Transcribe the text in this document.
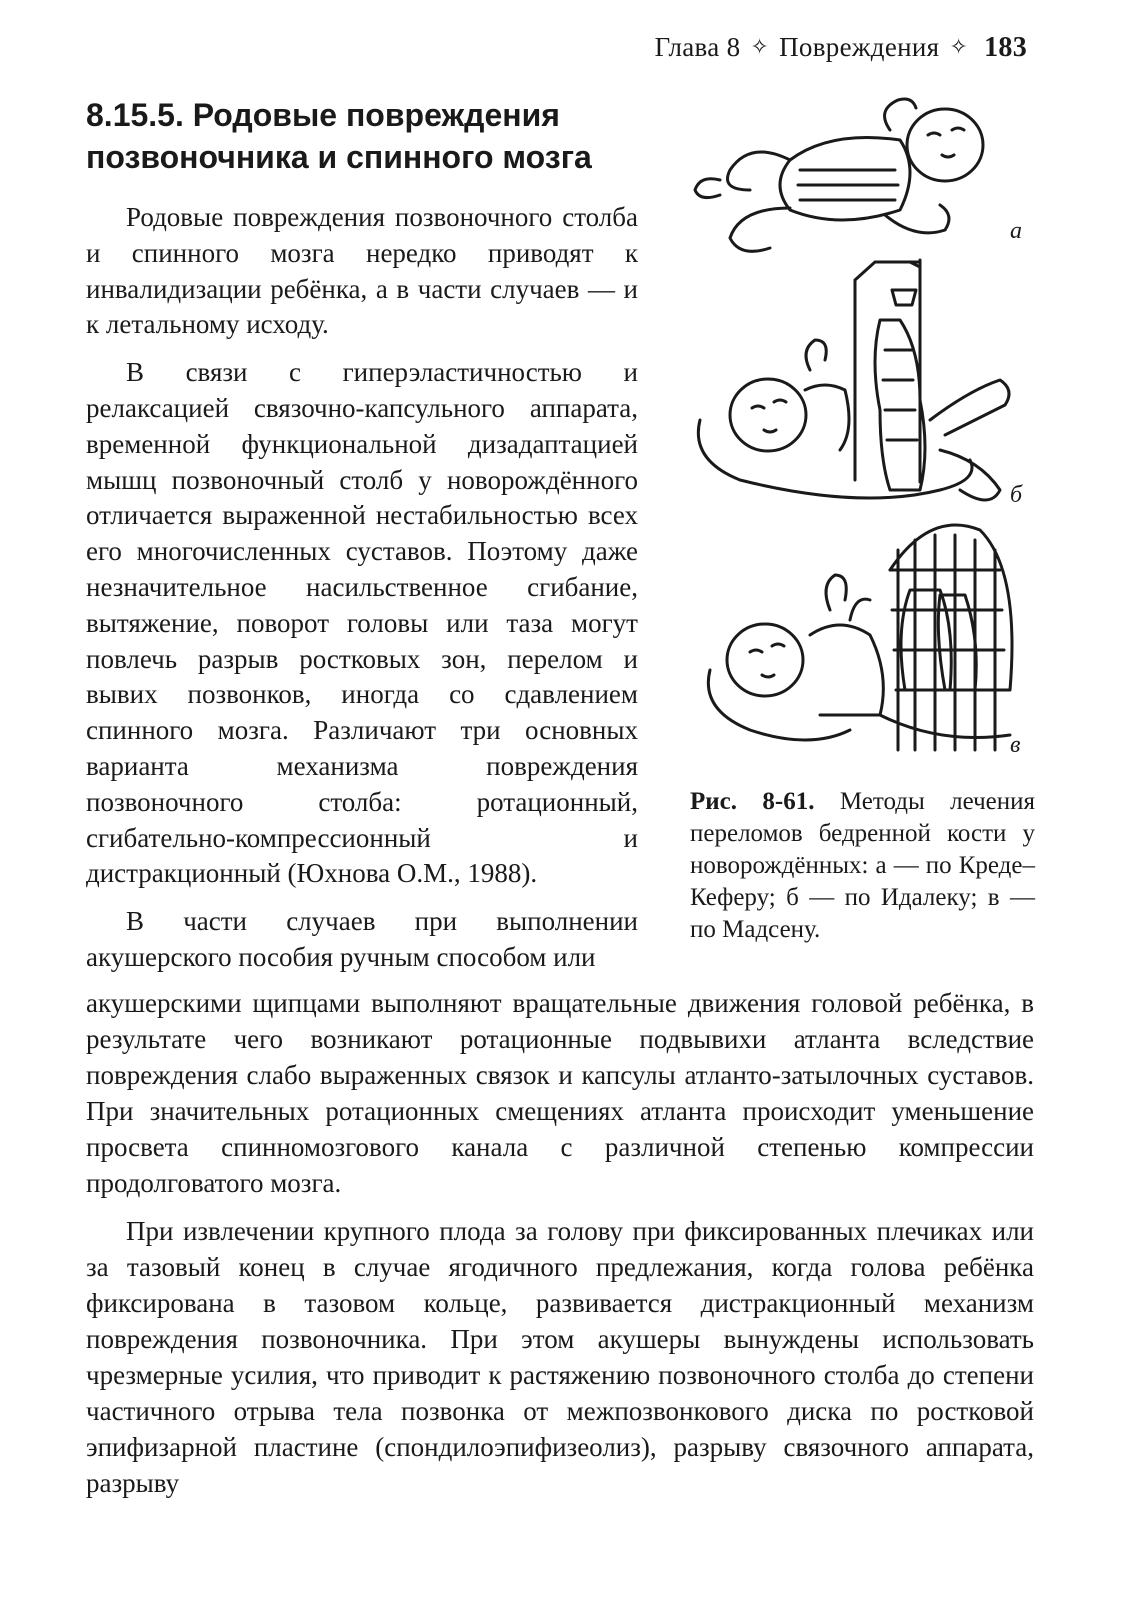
Глава 8 ✧ Повреждения ✧ 183
8.15.5. Родовые повреждения позвоночника и спинного мозга

Родовые повреждения позвоночного столба и спинного мозга нередко приводят к инвалидизации ребёнка, а в части случаев — и к летальному исходу.

В связи с гиперэластичностью и релаксацией связочно-капсульного аппарата, временной функциональной дизадаптацией мышц позвоночный столб у новорождённого отличается выраженной нестабильностью всех его многочисленных суставов. Поэтому даже незначительное насильственное сгибание, вытяжение, поворот головы или таза могут повлечь разрыв ростковых зон, перелом и вывих позвонков, иногда со сдавлением спинного мозга. Различают три основных варианта механизма повреждения позвоночного столба: ротационный, сгибательно-компрессионный и дистракционный (Юхнова О.М., 1988).

В части случаев при выполнении акушерского пособия ручным способом или

а
б
в
Рис. 8-61. Методы лечения переломов бедренной кости у новорождённых: а — по Креде–Кеферу; б — по Идалеку; в — по Мадсену.

акушерскими щипцами выполняют вращательные движения головой ребёнка, в результате чего возникают ротационные подвывихи атланта вследствие повреждения слабо выраженных связок и капсулы атланто-затылочных суставов. При значительных ротационных смещениях атланта происходит уменьшение просвета спинномозгового канала с различной степенью компрессии продолговатого мозга.

При извлечении крупного плода за голову при фиксированных плечиках или за тазовый конец в случае ягодичного предлежания, когда голова ребёнка фиксирована в тазовом кольце, развивается дистракционный механизм повреждения позвоночника. При этом акушеры вынуждены использовать чрезмерные усилия, что приводит к растяжению позвоночного столба до степени частичного отрыва тела позвонка от межпозвонкового диска по ростковой эпифизарной пластине (спондилоэпифизеолиз), разрыву связочного аппарата, разрыву
